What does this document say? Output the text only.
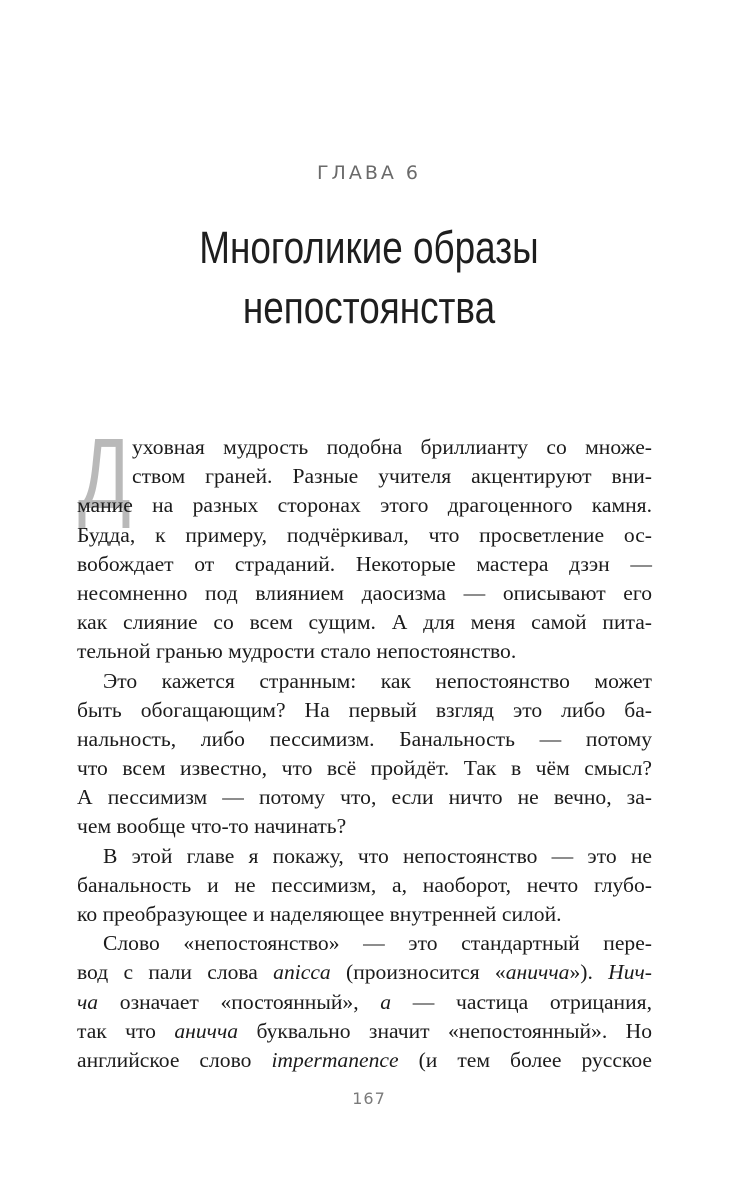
ГЛАВА 6
Многоликие образы
непостоянства
Д уховная мудрость подобна бриллианту со множе-
ством граней. Разные учителя акцентируют вни-
мание на разных сторонах этого драгоценного камня.
Будда, к примеру, подчёркивал, что просветление ос-
вобождает от страданий. Некоторые мастера дзэн —
несомненно под влиянием даосизма — описывают его
как слияние со всем сущим. А для меня самой пита-
тельной гранью мудрости стало непостоянство.
Это кажется странным: как непостоянство может
быть обогащающим? На первый взгляд это либо ба-
нальность, либо пессимизм. Банальность — потому
что всем известно, что всё пройдёт. Так в чём смысл?
А пессимизм — потому что, если ничто не вечно, за-
чем вообще что-то начинать?
В этой главе я покажу, что непостоянство — это не
банальность и не пессимизм, а, наоборот, нечто глубо-
ко преобразующее и наделяющее внутренней силой.
Слово «непостоянство» — это стандартный пере-
вод с пали слова anicca (произносится «аничча»). Нич-
ча означает «постоянный», а — частица отрицания,
так что аничча буквально значит «непостоянный». Но
английское слово impermanence (и тем более русское
167
